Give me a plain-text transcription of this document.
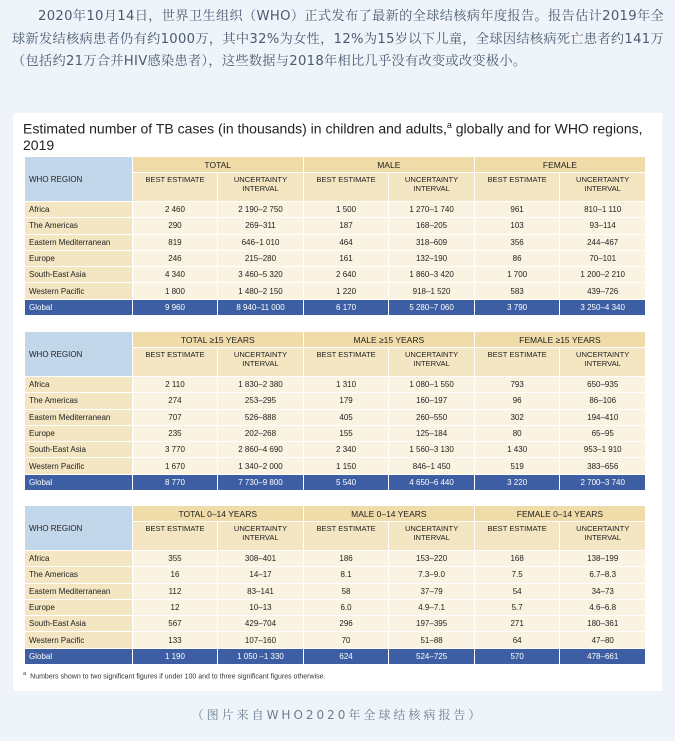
2020年10月14日，世界卫生组织（WHO）正式发布了最新的全球结核病年度报告。报告估计2019年全球新发结核病患者仍有约1000万，其中32%为女性，12%为15岁以下儿童，全球因结核病死亡患者约141万（包括约21万合并HIV感染患者），这些数据与2018年相比几乎没有改变或改变极小。
Estimated number of TB cases (in thousands) in children and adults,$^a$ globally and for WHO regions, 2019
WHO REGION	TOTAL		MALE		FEMALE	
	BEST ESTIMATE	UNCERTAINTY INTERVAL	BEST ESTIMATE	UNCERTAINTY INTERVAL	BEST ESTIMATE	UNCERTAINTY INTERVAL
Africa	2 460	2 190–2 750	1 500	1 270–1 740	961	810–1 110
The Americas	290	269–311	187	168–205	103	93–114
Eastern Mediterranean	819	646–1 010	464	318–609	356	244–467
Europe	246	215–280	161	132–190	86	70–101
South-East Asia	4 340	3 460–5 320	2 640	1 860–3 420	1 700	1 200–2 210
Western Pacific	1 800	1 480–2 150	1 220	918–1 520	583	439–726
Global	9 960	8 940–11 000	6 170	5 280–7 060	3 790	3 250–4 340
WHO REGION	TOTAL ≥15 YEARS		MALE ≥15 YEARS		FEMALE ≥15 YEARS	
	BEST ESTIMATE	UNCERTAINTY INTERVAL	BEST ESTIMATE	UNCERTAINTY INTERVAL	BEST ESTIMATE	UNCERTAINTY INTERVAL
Africa	2 110	1 830–2 380	1 310	1 080–1 550	793	650–935
The Americas	274	253–295	179	160–197	96	86–106
Eastern Mediterranean	707	526–888	405	260–550	302	194–410
Europe	235	202–268	155	125–184	80	65–95
South-East Asia	3 770	2 860–4 690	2 340	1 560–3 130	1 430	953–1 910
Western Pacific	1 670	1 340–2 000	1 150	846–1 450	519	383–656
Global	8 770	7 730–9 800	5 540	4 650–6 440	3 220	2 700–3 740
WHO REGION	TOTAL 0–14 YEARS		MALE 0–14 YEARS		FEMALE 0–14 YEARS	
	BEST ESTIMATE	UNCERTAINTY INTERVAL	BEST ESTIMATE	UNCERTAINTY INTERVAL	BEST ESTIMATE	UNCERTAINTY INTERVAL
Africa	355	308–401	186	153–220	168	138–199
The Americas	16	14–17	8.1	7.3–9.0	7.5	6.7–8.3
Eastern Mediterranean	112	83–141	58	37–79	54	34–73
Europe	12	10–13	6.0	4.9–7.1	5.7	4.6–6.8
South-East Asia	567	429–704	296	197–395	271	180–361
Western Pacific	133	107–160	70	51–88	64	47–80
Global	1 190	1 050 –1 330	624	524–725	570	478–661
$^a$ Numbers shown to two significant figures if under 100 and to three significant figures otherwise.
（图片来自WHO2020年全球结核病报告）
